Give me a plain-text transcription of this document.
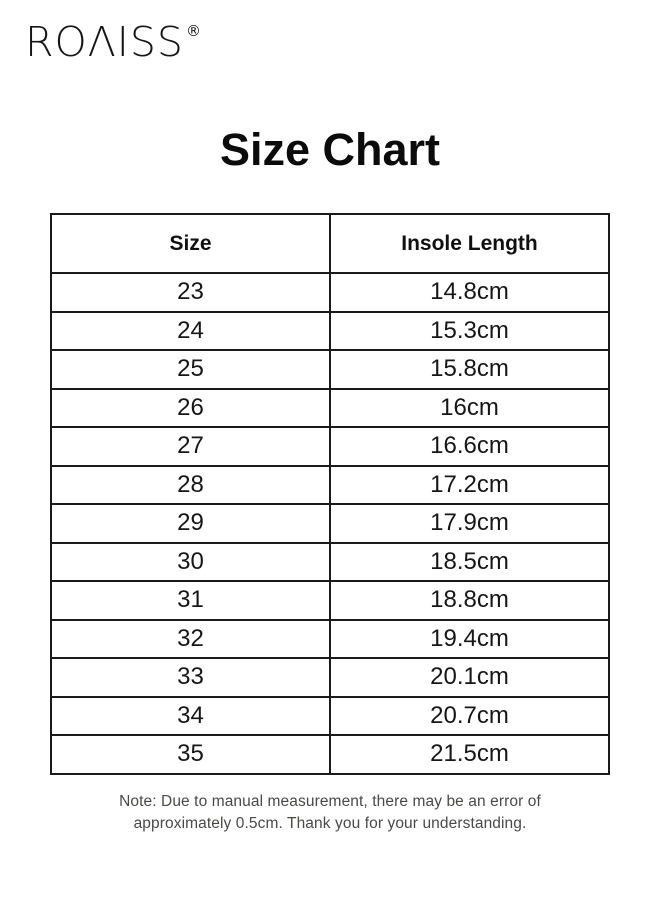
ROΛISS ®
Size Chart
Size	Insole Length
23	14.8cm
24	15.3cm
25	15.8cm
26	16cm
27	16.6cm
28	17.2cm
29	17.9cm
30	18.5cm
31	18.8cm
32	19.4cm
33	20.1cm
34	20.7cm
35	21.5cm
Note: Due to manual measurement, there may be an error of
approximately 0.5cm. Thank you for your understanding.
